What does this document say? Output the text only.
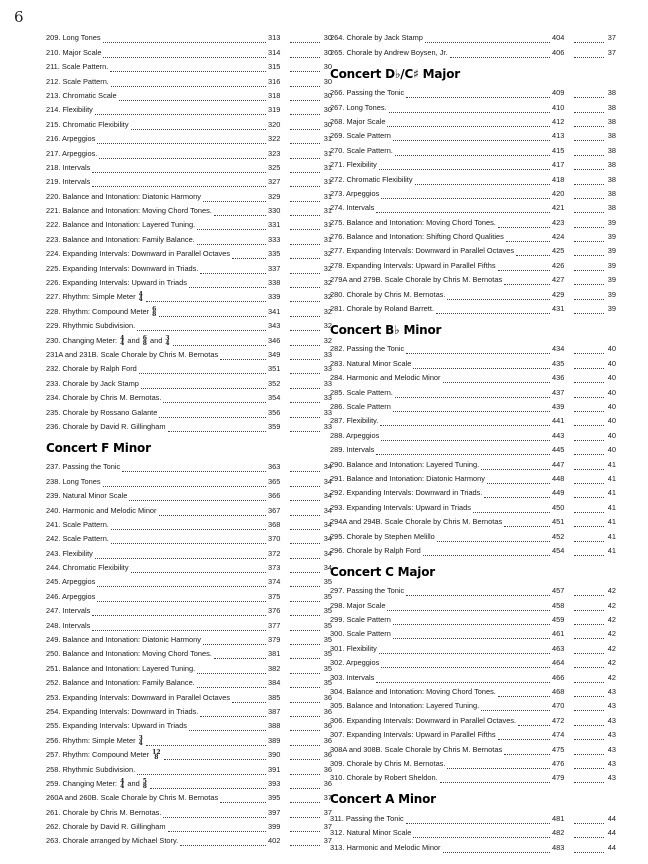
6
209. Long Tones	313	30
210. Major Scale	314	30
211. Scale Pattern.	315	30
212. Scale Pattern.	316	30
213. Chromatic Scale	318	30
214. Flexibility	319	30
215. Chromatic Flexibility	320	30
216. Arpeggios	322	31
217. Arpeggios.	323	31
218. Intervals	325	31
219. Intervals	327	31
220. Balance and Intonation: Diatonic Harmony	329	31
221. Balance and Intonation: Moving Chord Tones.	330	31
222. Balance and Intonation: Layered Tuning.	331	31
223. Balance and Intonation: Family Balance.	333	31
224. Expanding Intervals: Downward in Parallel Octaves	335	32
225. Expanding Intervals: Downward in Triads.	337	32
226. Expanding Intervals: Upward in Triads	338	32
227. Rhythm: Simple Meter
4
4	339	32
228. Rhythm: Compound Meter
6
8	341	32
229. Rhythmic Subdivision.	343	32
230. Changing Meter:
4
4 and
6
8 and
3
4	346	32
231A and 231B. Scale Chorale by Chris M. Bernotas	349	33
232. Chorale by Ralph Ford	351	33
233. Chorale by Jack Stamp	352	33
234. Chorale by Chris M. Bernotas.	354	33
235. Chorale by Rossano Galante	356	33
236. Chorale by David R. Gillingham	359	33
Concert F Minor
237. Passing the Tonic	363	34
238. Long Tones	365	34
239. Natural Minor Scale	366	34
240. Harmonic and Melodic Minor	367	34
241. Scale Pattern.	368	34
242. Scale Pattern.	370	34
243. Flexibility	372	34
244. Chromatic Flexibility	373	34
245. Arpeggios	374	35
246. Arpeggios	375	35
247. Intervals	376	35
248. Intervals	377	35
249. Balance and Intonation: Diatonic Harmony	379	35
250. Balance and Intonation: Moving Chord Tones.	381	35
251. Balance and Intonation: Layered Tuning.	382	35
252. Balance and Intonation: Family Balance.	384	35
253. Expanding Intervals: Downward in Parallel Octaves	385	36
254. Expanding Intervals: Downward in Triads.	387	36
255. Expanding Intervals: Upward in Triads	388	36
256. Rhythm: Simple Meter
3
4	389	36
257. Rhythm: Compound Meter
12
8	390	36
258. Rhythmic Subdivision.	391	36
259. Changing Meter:
4
4 and
5
8	393	36
260A and 260B. Scale Chorale by Chris M. Bernotas	395	37
261. Chorale by Chris M. Bernotas.	397	37
262. Chorale by David R. Gillingham	399	37
263. Chorale arranged by Michael Story.	402	37
264. Chorale by Jack Stamp	404	37
265. Chorale by Andrew Boysen, Jr.	406	37
Concert D♭/C♯ Major
266. Passing the Tonic	409	38
267. Long Tones.	410	38
268. Major Scale	412	38
269. Scale Pattern	413	38
270. Scale Pattern.	415	38
271. Flexibility	417	38
272. Chromatic Flexibility	418	38
273. Arpeggios	420	38
274. Intervals	421	38
275. Balance and Intonation: Moving Chord Tones.	423	39
276. Balance and Intonation: Shifting Chord Qualities	424	39
277. Expanding Intervals: Downward in Parallel Octaves	425	39
278. Expanding Intervals: Upward in Parallel Fifths	426	39
279A and 279B. Scale Chorale by Chris M. Bernotas	427	39
280. Chorale by Chris M. Bernotas.	429	39
281. Chorale by Roland Barrett.	431	39
Concert B♭ Minor
282. Passing the Tonic	434	40
283. Natural Minor Scale	435	40
284. Harmonic and Melodic Minor	436	40
285. Scale Pattern.	437	40
286. Scale Pattern	439	40
287. Flexibility.	441	40
288. Arpeggios	443	40
289. Intervals	445	40
290. Balance and Intonation: Layered Tuning.	447	41
291. Balance and Intonation: Diatonic Harmony	448	41
292. Expanding Intervals: Downward in Triads.	449	41
293. Expanding Intervals: Upward in Triads	450	41
294A and 294B. Scale Chorale by Chris M. Bernotas	451	41
295. Chorale by Stephen Melillo	452	41
296. Chorale by Ralph Ford	454	41
Concert C Major
297. Passing the Tonic	457	42
298. Major Scale	458	42
299. Scale Pattern	459	42
300. Scale Pattern	461	42
301. Flexibility	463	42
302. Arpeggios	464	42
303. Intervals	466	42
304. Balance and Intonation: Moving Chord Tones.	468	43
305. Balance and Intonation: Layered Tuning.	470	43
306. Expanding Intervals: Downward in Parallel Octaves.	472	43
307. Expanding Intervals: Upward in Parallel Fifths	474	43
308A and 308B. Scale Chorale by Chris M. Bernotas	475	43
309. Chorale by Chris M. Bernotas.	476	43
310. Chorale by Robert Sheldon.	479	43
Concert A Minor
311. Passing the Tonic	481	44
312. Natural Minor Scale	482	44
313. Harmonic and Melodic Minor	483	44
